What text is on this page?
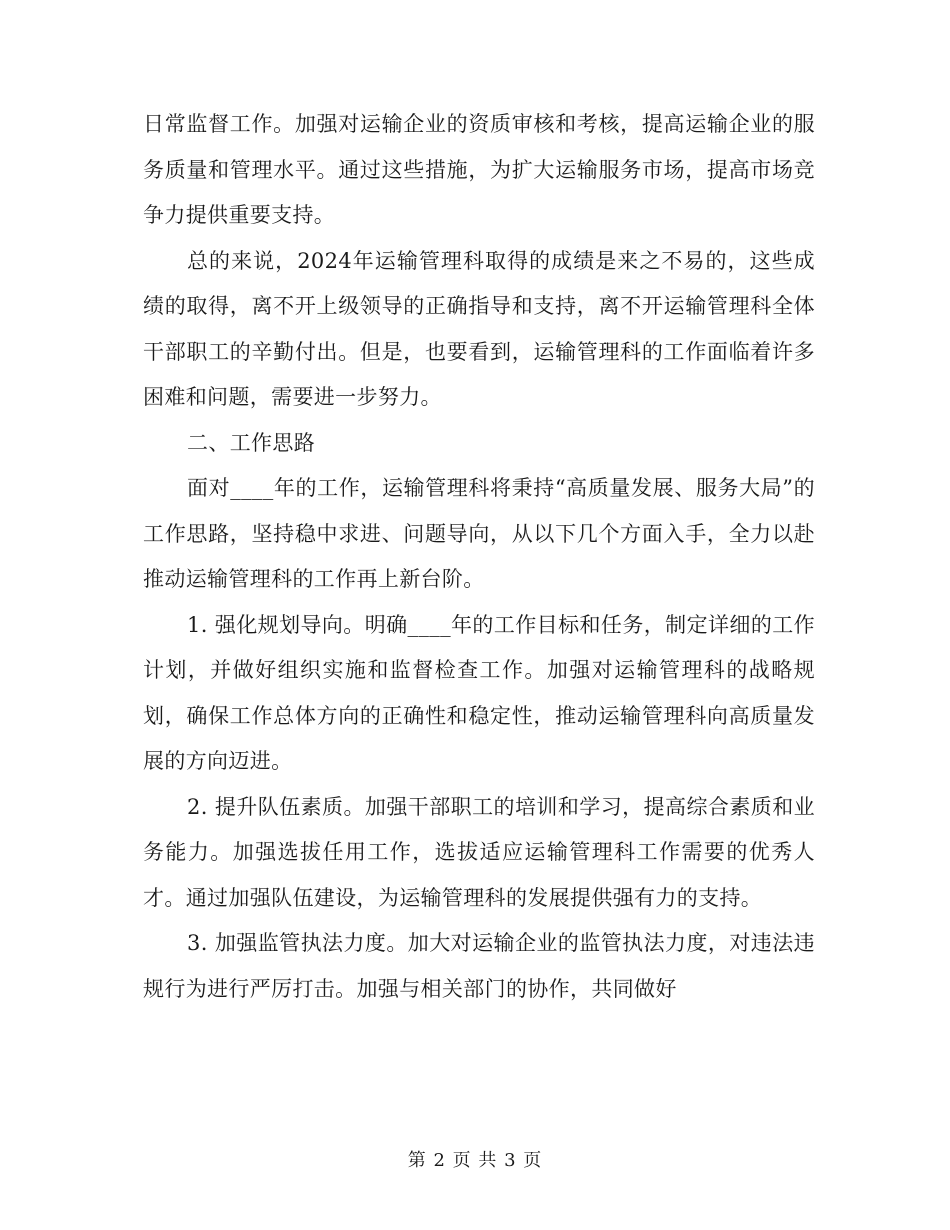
日常监督工作。加强对运输企业的资质审核和考核，提高运输企业的服务质量和管理水平。通过这些措施，为扩大运输服务市场，提高市场竞争力提供重要支持。

总的来说，2024年运输管理科取得的成绩是来之不易的，这些成绩的取得，离不开上级领导的正确指导和支持，离不开运输管理科全体干部职工的辛勤付出。但是，也要看到，运输管理科的工作面临着许多困难和问题，需要进一步努力。

二、工作思路

面对____年的工作，运输管理科将秉持“高质量发展、服务大局”的工作思路，坚持稳中求进、问题导向，从以下几个方面入手，全力以赴推动运输管理科的工作再上新台阶。

1. 强化规划导向。明确____年的工作目标和任务，制定详细的工作计划，并做好组织实施和监督检查工作。加强对运输管理科的战略规划，确保工作总体方向的正确性和稳定性，推动运输管理科向高质量发展的方向迈进。

2. 提升队伍素质。加强干部职工的培训和学习，提高综合素质和业务能力。加强选拔任用工作，选拔适应运输管理科工作需要的优秀人才。通过加强队伍建设，为运输管理科的发展提供强有力的支持。

3. 加强监管执法力度。加大对运输企业的监管执法力度，对违法违规行为进行严厉打击。加强与相关部门的协作，共同做好

第 2 页 共 3 页
